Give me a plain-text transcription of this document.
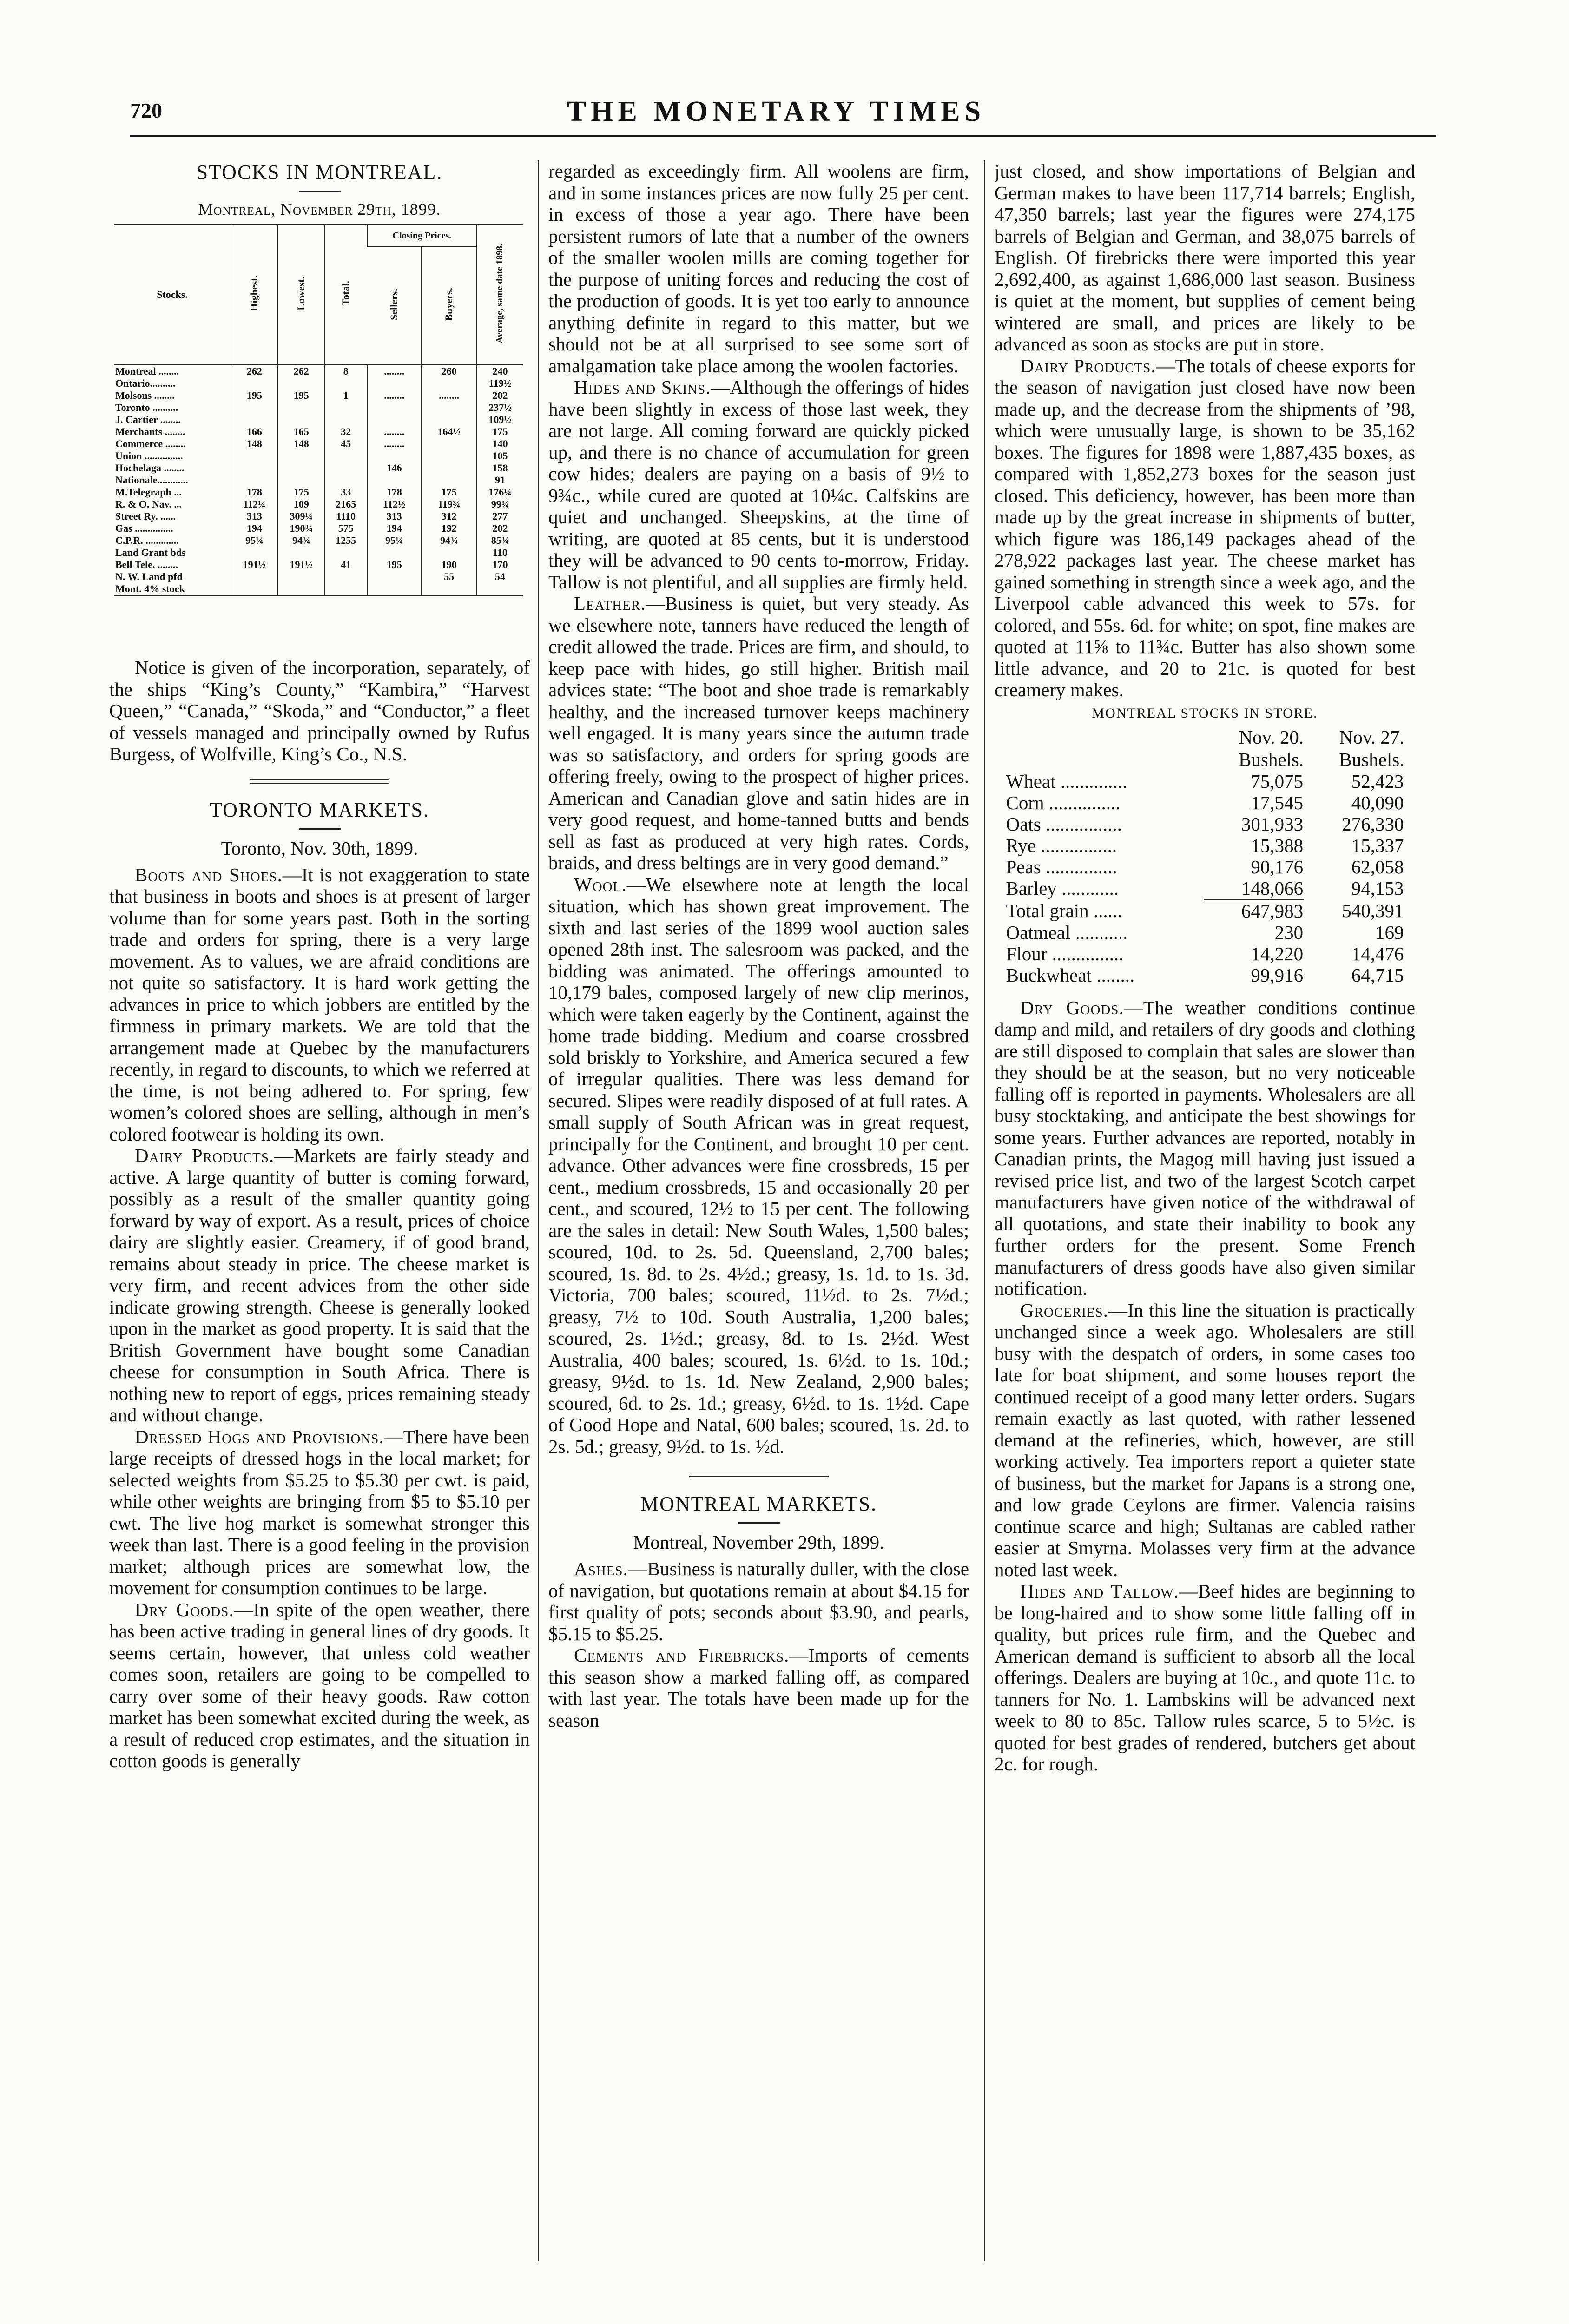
720	THE MONETARY TIMES
STOCKS IN MONTREAL.
Montreal, November 29th, 1899.
Stocks.	Highest.	Lowest.	Total.	Closing Prices.		Average, same date 1898.
				Sellers.	Buyers.	
Montreal ........	262	262	8	........	260	240
Ontario..........						119½
Molsons ........	195	195	1	........	........	202
Toronto ..........						237½
J. Cartier ........						109½
Merchants ........	166	165	32	........	164½	175
Commerce ........	148	148	45	........		140
Union ...............						105
Hochelaga ........				146		158
Nationale............						91
M.Telegraph ...	178	175	33	178	175	176¼
R. & O. Nav. ...	112¼	109	2165	112½	119¾	99¾
Street Ry. ......	313	309¼	1110	313	312	277
Gas ...............	194	190¾	575	194	192	202
C.P.R. .............	95¼	94¾	1255	95¼	94¾	85¾
Land Grant bds						110
Bell Tele. ........	191½	191½	41	195	190	170
N. W. Land pfd					55	54
Mont. 4% stock						

Notice is given of the incorporation, separately, of the ships “King’s County,” “Kambira,” “Harvest Queen,” “Canada,” “Skoda,” and “Conductor,” a fleet of vessels managed and principally owned by Rufus Burgess, of Wolfville, King’s Co., N.S.

TORONTO MARKETS.
Toronto, Nov. 30th, 1899.

Boots and Shoes.—It is not exaggeration to state that business in boots and shoes is at present of larger volume than for some years past. Both in the sorting trade and orders for spring, there is a very large movement. As to values, we are afraid conditions are not quite so satisfactory. It is hard work getting the advances in price to which jobbers are entitled by the firmness in primary markets. We are told that the arrangement made at Quebec by the manufacturers recently, in regard to discounts, to which we referred at the time, is not being adhered to. For spring, few women’s colored shoes are selling, although in men’s colored footwear is holding its own.

Dairy Products.—Markets are fairly steady and active. A large quantity of butter is coming forward, possibly as a result of the smaller quantity going forward by way of export. As a result, prices of choice dairy are slightly easier. Creamery, if of good brand, remains about steady in price. The cheese market is very firm, and recent advices from the other side indicate growing strength. Cheese is generally looked upon in the market as good property. It is said that the British Government have bought some Canadian cheese for consumption in South Africa. There is nothing new to report of eggs, prices remaining steady and without change.

Dressed Hogs and Provisions.—There have been large receipts of dressed hogs in the local market; for selected weights from $5.25 to $5.30 per cwt. is paid, while other weights are bringing from $5 to $5.10 per cwt. The live hog market is somewhat stronger this week than last. There is a good feeling in the provision market; although prices are somewhat low, the movement for consumption continues to be large.

Dry Goods.—In spite of the open weather, there has been active trading in general lines of dry goods. It seems certain, however, that unless cold weather comes soon, retailers are going to be compelled to carry over some of their heavy goods. Raw cotton market has been somewhat excited during the week, as a result of reduced crop estimates, and the situation in cotton goods is generally

regarded as exceedingly firm. All woolens are firm, and in some instances prices are now fully 25 per cent. in excess of those a year ago. There have been persistent rumors of late that a number of the owners of the smaller woolen mills are coming together for the purpose of uniting forces and reducing the cost of the production of goods. It is yet too early to announce anything definite in regard to this matter, but we should not be at all surprised to see some sort of amalgamation take place among the woolen factories.

Hides and Skins.—Although the offerings of hides have been slightly in excess of those last week, they are not large. All coming forward are quickly picked up, and there is no chance of accumulation for green cow hides; dealers are paying on a basis of 9½ to 9¾c., while cured are quoted at 10¼c. Calfskins are quiet and unchanged. Sheepskins, at the time of writing, are quoted at 85 cents, but it is understood they will be advanced to 90 cents to-morrow, Friday. Tallow is not plentiful, and all supplies are firmly held.

Leather.—Business is quiet, but very steady. As we elsewhere note, tanners have reduced the length of credit allowed the trade. Prices are firm, and should, to keep pace with hides, go still higher. British mail advices state: “The boot and shoe trade is remarkably healthy, and the increased turnover keeps machinery well engaged. It is many years since the autumn trade was so satisfactory, and orders for spring goods are offering freely, owing to the prospect of higher prices. American and Canadian glove and satin hides are in very good request, and home-tanned butts and bends sell as fast as produced at very high rates. Cords, braids, and dress beltings are in very good demand.”

Wool.—We elsewhere note at length the local situation, which has shown great improvement. The sixth and last series of the 1899 wool auction sales opened 28th inst. The salesroom was packed, and the bidding was animated. The offerings amounted to 10,179 bales, composed largely of new clip merinos, which were taken eagerly by the Continent, against the home trade bidding. Medium and coarse crossbred sold briskly to Yorkshire, and America secured a few of irregular qualities. There was less demand for secured. Slipes were readily disposed of at full rates. A small supply of South African was in great request, principally for the Continent, and brought 10 per cent. advance. Other advances were fine crossbreds, 15 per cent., medium crossbreds, 15 and occasionally 20 per cent., and scoured, 12½ to 15 per cent. The following are the sales in detail: New South Wales, 1,500 bales; scoured, 10d. to 2s. 5d. Queensland, 2,700 bales; scoured, 1s. 8d. to 2s. 4½d.; greasy, 1s. 1d. to 1s. 3d. Victoria, 700 bales; scoured, 11½d. to 2s. 7½d.; greasy, 7½ to 10d. South Australia, 1,200 bales; scoured, 2s. 1½d.; greasy, 8d. to 1s. 2½d. West Australia, 400 bales; scoured, 1s. 6½d. to 1s. 10d.; greasy, 9½d. to 1s. 1d. New Zealand, 2,900 bales; scoured, 6d. to 2s. 1d.; greasy, 6½d. to 1s. 1½d. Cape of Good Hope and Natal, 600 bales; scoured, 1s. 2d. to 2s. 5d.; greasy, 9½d. to 1s. ½d.

MONTREAL MARKETS.
Montreal, November 29th, 1899.

Ashes.—Business is naturally duller, with the close of navigation, but quotations remain at about $4.15 for first quality of pots; seconds about $3.90, and pearls, $5.15 to $5.25.

Cements and Firebricks.—Imports of cements this season show a marked falling off, as compared with last year. The totals have been made up for the season

just closed, and show importations of Belgian and German makes to have been 117,714 barrels; English, 47,350 barrels; last year the figures were 274,175 barrels of Belgian and German, and 38,075 barrels of English. Of firebricks there were imported this year 2,692,400, as against 1,686,000 last season. Business is quiet at the moment, but supplies of cement being wintered are small, and prices are likely to be advanced as soon as stocks are put in store.

Dairy Products.—The totals of cheese exports for the season of navigation just closed have now been made up, and the decrease from the shipments of ’98, which were unusually large, is shown to be 35,162 boxes. The figures for 1898 were 1,887,435 boxes, as compared with 1,852,273 boxes for the season just closed. This deficiency, however, has been more than made up by the great increase in shipments of butter, which figure was 186,149 packages ahead of the 278,922 packages last year. The cheese market has gained something in strength since a week ago, and the Liverpool cable advanced this week to 57s. for colored, and 55s. 6d. for white; on spot, fine makes are quoted at 11⅝ to 11¾c. Butter has also shown some little advance, and 20 to 21c. is quoted for best creamery makes.

MONTREAL STOCKS IN STORE.
	Nov. 20.	Nov. 27.
	Bushels.	Bushels.
Wheat ..............	75,075	52,423
Corn ...............	17,545	40,090
Oats ................	301,933	276,330
Rye ................	15,388	15,337
Peas ...............	90,176	62,058
Barley ............	148,066	94,153
Total grain ......	647,983	540,391
Oatmeal ...........	230	169
Flour ...............	14,220	14,476
Buckwheat ........	99,916	64,715

Dry Goods.—The weather conditions continue damp and mild, and retailers of dry goods and clothing are still disposed to complain that sales are slower than they should be at the season, but no very noticeable falling off is reported in payments. Wholesalers are all busy stocktaking, and anticipate the best showings for some years. Further advances are reported, notably in Canadian prints, the Magog mill having just issued a revised price list, and two of the largest Scotch carpet manufacturers have given notice of the withdrawal of all quotations, and state their inability to book any further orders for the present. Some French manufacturers of dress goods have also given similar notification.

Groceries.—In this line the situation is practically unchanged since a week ago. Wholesalers are still busy with the despatch of orders, in some cases too late for boat shipment, and some houses report the continued receipt of a good many letter orders. Sugars remain exactly as last quoted, with rather lessened demand at the refineries, which, however, are still working actively. Tea importers report a quieter state of business, but the market for Japans is a strong one, and low grade Ceylons are firmer. Valencia raisins continue scarce and high; Sultanas are cabled rather easier at Smyrna. Molasses very firm at the advance noted last week.

Hides and Tallow.—Beef hides are beginning to be long-haired and to show some little falling off in quality, but prices rule firm, and the Quebec and American demand is sufficient to absorb all the local offerings. Dealers are buying at 10c., and quote 11c. to tanners for No. 1. Lambskins will be advanced next week to 80 to 85c. Tallow rules scarce, 5 to 5½c. is quoted for best grades of rendered, butchers get about 2c. for rough.
